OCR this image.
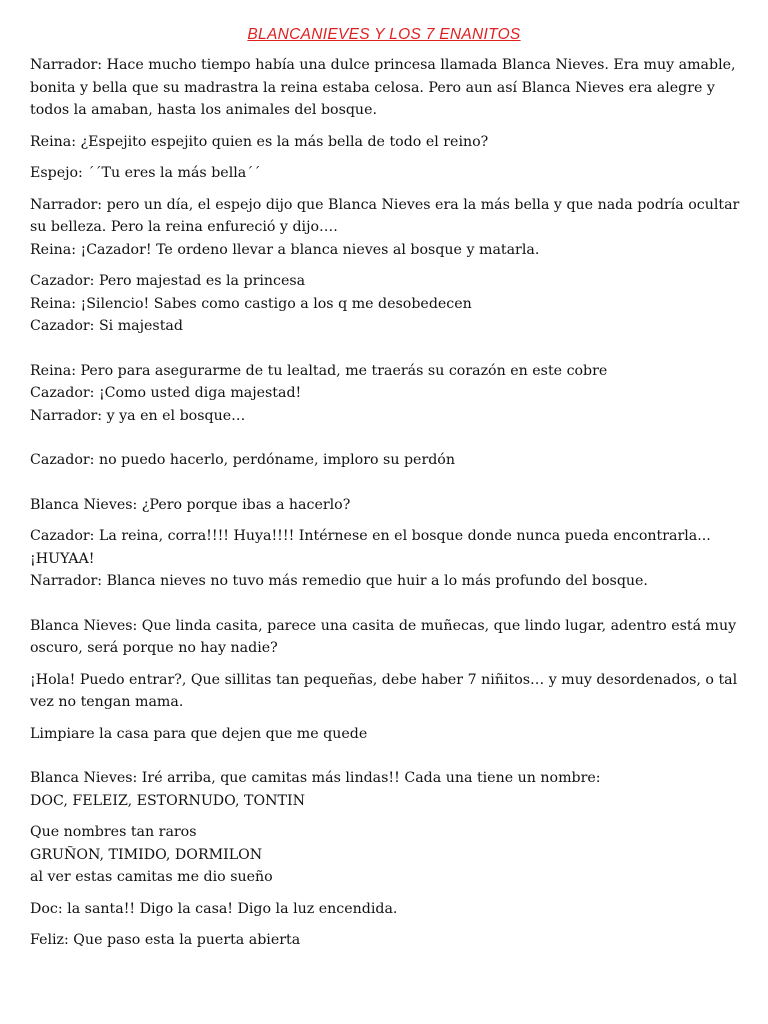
BLANCANIEVES Y LOS 7 ENANITOS

Narrador: Hace mucho tiempo había una dulce princesa llamada Blanca Nieves. Era muy amable,

bonita y bella que su madrastra la reina estaba celosa. Pero aun así Blanca Nieves era alegre y

todos la amaban, hasta los animales del bosque.

Reina: ¿Espejito espejito quien es la más bella de todo el reino?

Espejo: ´´Tu eres la más bella´´

Narrador: pero un día, el espejo dijo que Blanca Nieves era la más bella y que nada podría ocultar

su belleza. Pero la reina enfureció y dijo….

Reina: ¡Cazador! Te ordeno llevar a blanca nieves al bosque y matarla.

Cazador: Pero majestad es la princesa

Reina: ¡Silencio! Sabes como castigo a los q me desobedecen

Cazador: Si majestad

Reina: Pero para asegurarme de tu lealtad, me traerás su corazón en este cobre

Cazador: ¡Como usted diga majestad!

Narrador: y ya en el bosque…

Cazador: no puedo hacerlo, perdóname, imploro su perdón

Blanca Nieves: ¿Pero porque ibas a hacerlo?

Cazador: La reina, corra!!!! Huya!!!! Intérnese en el bosque donde nunca pueda encontrarla...

¡HUYAA!

Narrador: Blanca nieves no tuvo más remedio que huir a lo más profundo del bosque.

Blanca Nieves: Que linda casita, parece una casita de muñecas, que lindo lugar, adentro está muy

oscuro, será porque no hay nadie?

¡Hola! Puedo entrar?, Que sillitas tan pequeñas, debe haber 7 niñitos… y muy desordenados, o tal

vez no tengan mama.

Limpiare la casa para que dejen que me quede

Blanca Nieves: Iré arriba, que camitas más lindas!! Cada una tiene un nombre:

DOC, FELEIZ, ESTORNUDO, TONTIN

Que nombres tan raros

GRUÑON, TIMIDO, DORMILON

al ver estas camitas me dio sueño

Doc: la santa!! Digo la casa! Digo la luz encendida.

Feliz: Que paso esta la puerta abierta
